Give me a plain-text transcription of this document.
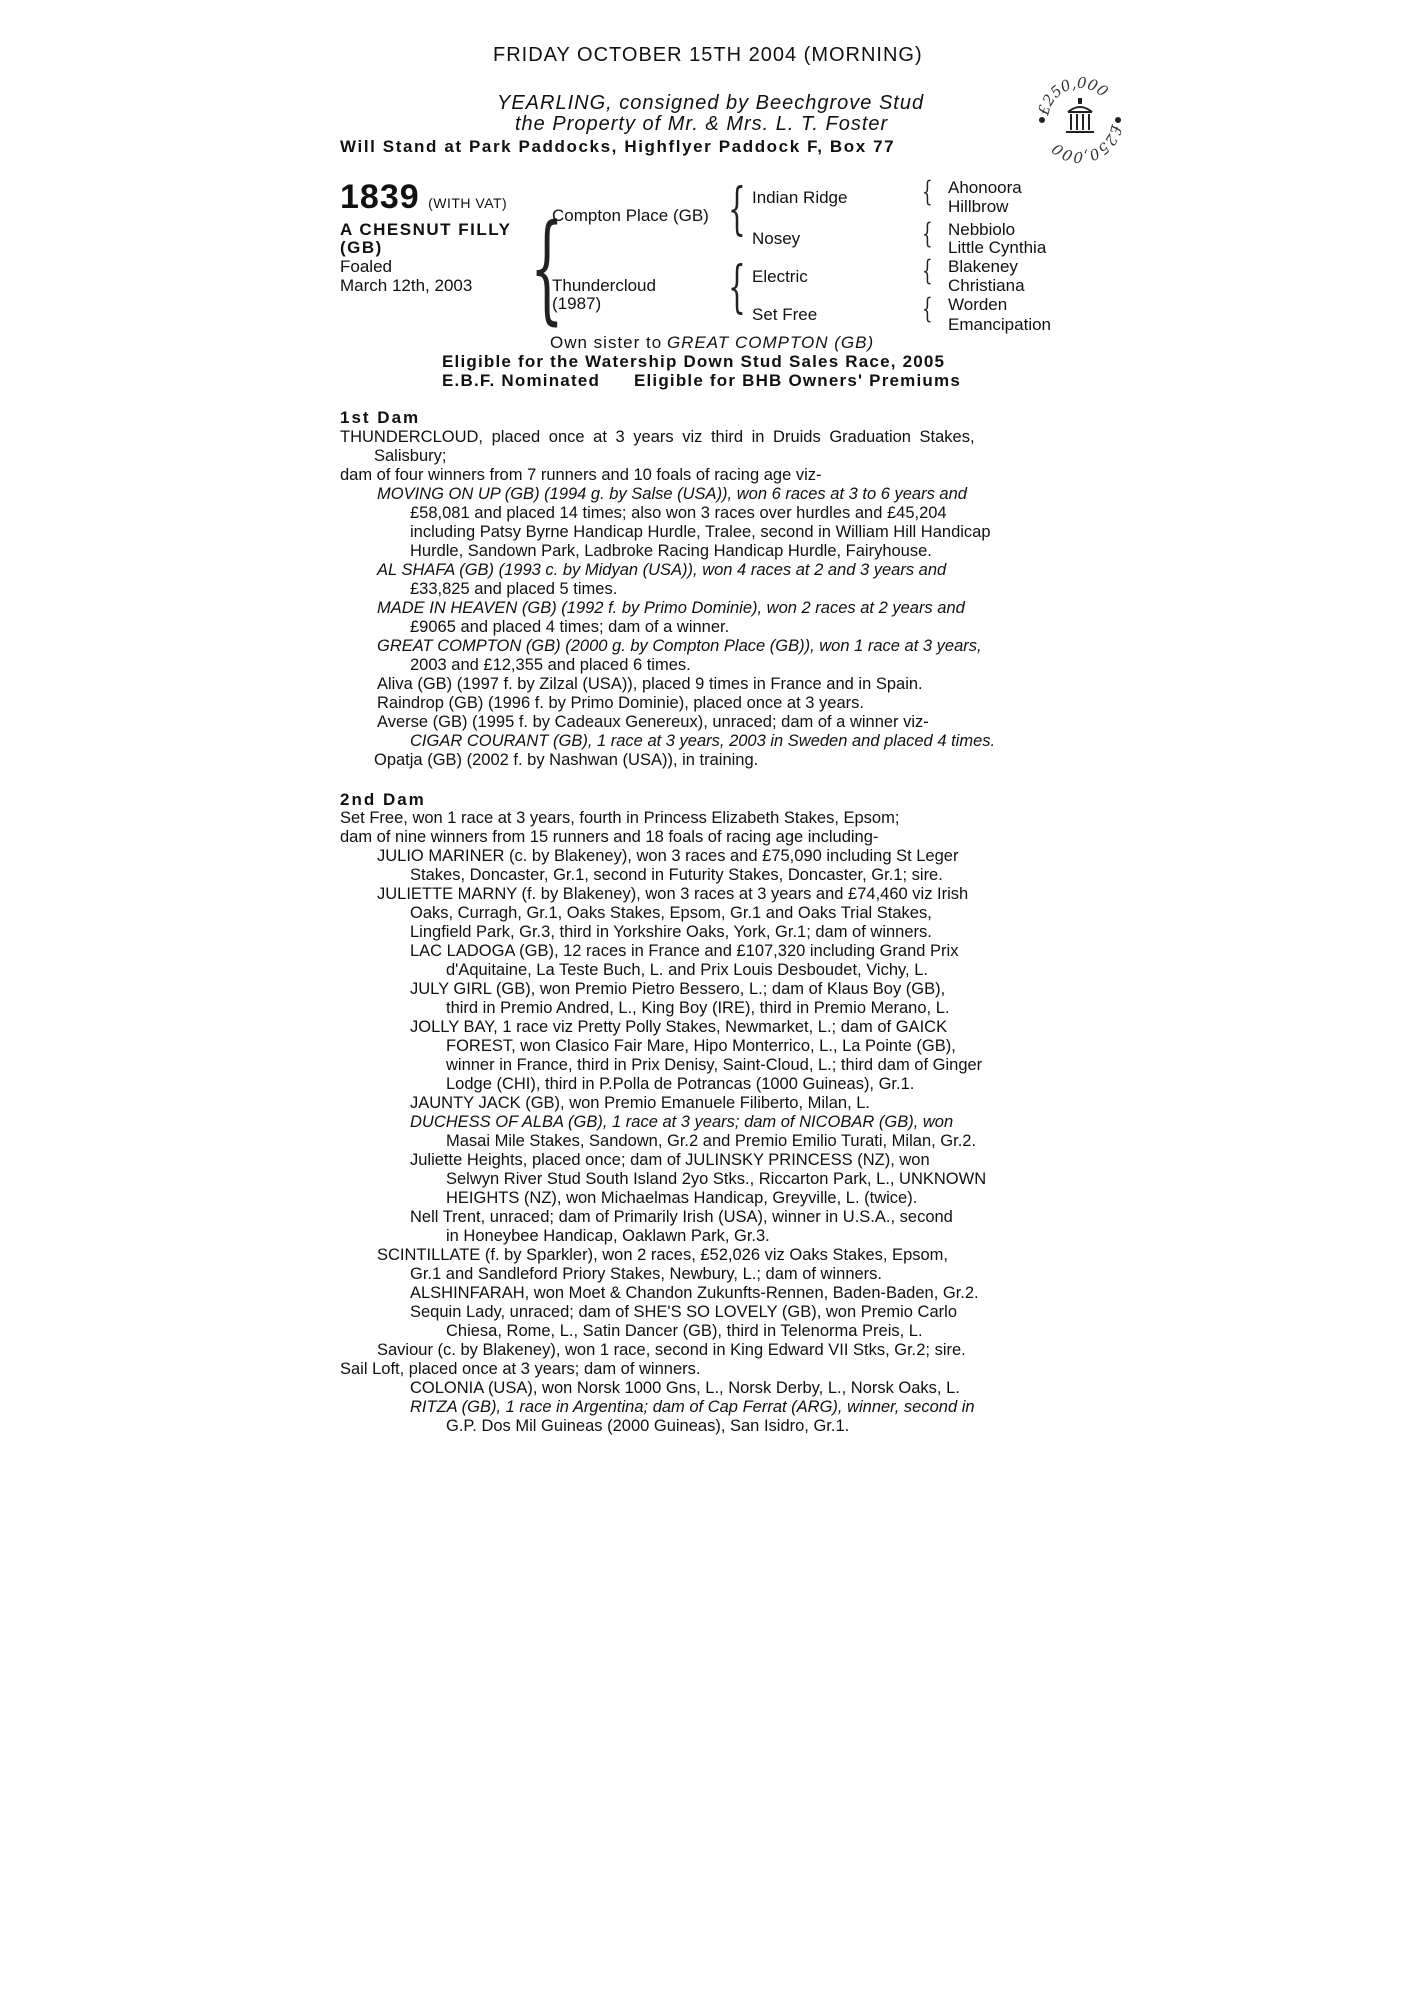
FRIDAY OCTOBER 15TH 2004 (MORNING)
YEARLING, consigned by Beechgrove Stud
the Property of Mr. & Mrs. L. T. Foster
Will Stand at Park Paddocks, Highflyer Paddock F, Box 77
£250,000
£250,000
1839 (WITH VAT)
A CHESNUT FILLY
(GB)
Foaled
March 12th, 2003 {
Compton Place (GB)
Thundercloud
(1987)
{ Indian Ridge
Nosey
{ Electric
Set Free
{ Ahonoora
Hillbrow
{ Nebbiolo
Little Cynthia
{ Blakeney
Christiana
{ Worden
Emancipation
Own sister to GREAT COMPTON (GB)
Eligible for the Watership Down Stud Sales Race, 2005
E.B.F. Nominated Eligible for BHB Owners' Premiums
1st Dam
THUNDERCLOUD, placed once at 3 years viz third in Druids Graduation Stakes,
Salisbury;
dam of four winners from 7 runners and 10 foals of racing age viz-
MOVING ON UP (GB) (1994 g. by Salse (USA)), won 6 races at 3 to 6 years and
£58,081 and placed 14 times; also won 3 races over hurdles and £45,204
including Patsy Byrne Handicap Hurdle, Tralee, second in William Hill Handicap
Hurdle, Sandown Park, Ladbroke Racing Handicap Hurdle, Fairyhouse.
AL SHAFA (GB) (1993 c. by Midyan (USA)), won 4 races at 2 and 3 years and
£33,825 and placed 5 times.
MADE IN HEAVEN (GB) (1992 f. by Primo Dominie), won 2 races at 2 years and
£9065 and placed 4 times; dam of a winner.
GREAT COMPTON (GB) (2000 g. by Compton Place (GB)), won 1 race at 3 years,
2003 and £12,355 and placed 6 times.
Aliva (GB) (1997 f. by Zilzal (USA)), placed 9 times in France and in Spain.
Raindrop (GB) (1996 f. by Primo Dominie), placed once at 3 years.
Averse (GB) (1995 f. by Cadeaux Genereux), unraced; dam of a winner viz-
CIGAR COURANT (GB), 1 race at 3 years, 2003 in Sweden and placed 4 times.
Opatja (GB) (2002 f. by Nashwan (USA)), in training.
2nd Dam
Set Free, won 1 race at 3 years, fourth in Princess Elizabeth Stakes, Epsom;
dam of nine winners from 15 runners and 18 foals of racing age including-
JULIO MARINER (c. by Blakeney), won 3 races and £75,090 including St Leger
Stakes, Doncaster, Gr.1, second in Futurity Stakes, Doncaster, Gr.1; sire.
JULIETTE MARNY (f. by Blakeney), won 3 races at 3 years and £74,460 viz Irish
Oaks, Curragh, Gr.1, Oaks Stakes, Epsom, Gr.1 and Oaks Trial Stakes,
Lingfield Park, Gr.3, third in Yorkshire Oaks, York, Gr.1; dam of winners.
LAC LADOGA (GB), 12 races in France and £107,320 including Grand Prix
d'Aquitaine, La Teste Buch, L. and Prix Louis Desboudet, Vichy, L.
JULY GIRL (GB), won Premio Pietro Bessero, L.; dam of Klaus Boy (GB),
third in Premio Andred, L., King Boy (IRE), third in Premio Merano, L.
JOLLY BAY, 1 race viz Pretty Polly Stakes, Newmarket, L.; dam of GAICK
FOREST, won Clasico Fair Mare, Hipo Monterrico, L., La Pointe (GB),
winner in France, third in Prix Denisy, Saint-Cloud, L.; third dam of Ginger
Lodge (CHI), third in P.Polla de Potrancas (1000 Guineas), Gr.1.
JAUNTY JACK (GB), won Premio Emanuele Filiberto, Milan, L.
DUCHESS OF ALBA (GB), 1 race at 3 years; dam of NICOBAR (GB), won
Masai Mile Stakes, Sandown, Gr.2 and Premio Emilio Turati, Milan, Gr.2.
Juliette Heights, placed once; dam of JULINSKY PRINCESS (NZ), won
Selwyn River Stud South Island 2yo Stks., Riccarton Park, L., UNKNOWN
HEIGHTS (NZ), won Michaelmas Handicap, Greyville, L. (twice).
Nell Trent, unraced; dam of Primarily Irish (USA), winner in U.S.A., second
in Honeybee Handicap, Oaklawn Park, Gr.3.
SCINTILLATE (f. by Sparkler), won 2 races, £52,026 viz Oaks Stakes, Epsom,
Gr.1 and Sandleford Priory Stakes, Newbury, L.; dam of winners.
ALSHINFARAH, won Moet & Chandon Zukunfts-Rennen, Baden-Baden, Gr.2.
Sequin Lady, unraced; dam of SHE'S SO LOVELY (GB), won Premio Carlo
Chiesa, Rome, L., Satin Dancer (GB), third in Telenorma Preis, L.
Saviour (c. by Blakeney), won 1 race, second in King Edward VII Stks, Gr.2; sire.
Sail Loft, placed once at 3 years; dam of winners.
COLONIA (USA), won Norsk 1000 Gns, L., Norsk Derby, L., Norsk Oaks, L.
RITZA (GB), 1 race in Argentina; dam of Cap Ferrat (ARG), winner, second in
G.P. Dos Mil Guineas (2000 Guineas), San Isidro, Gr.1.
